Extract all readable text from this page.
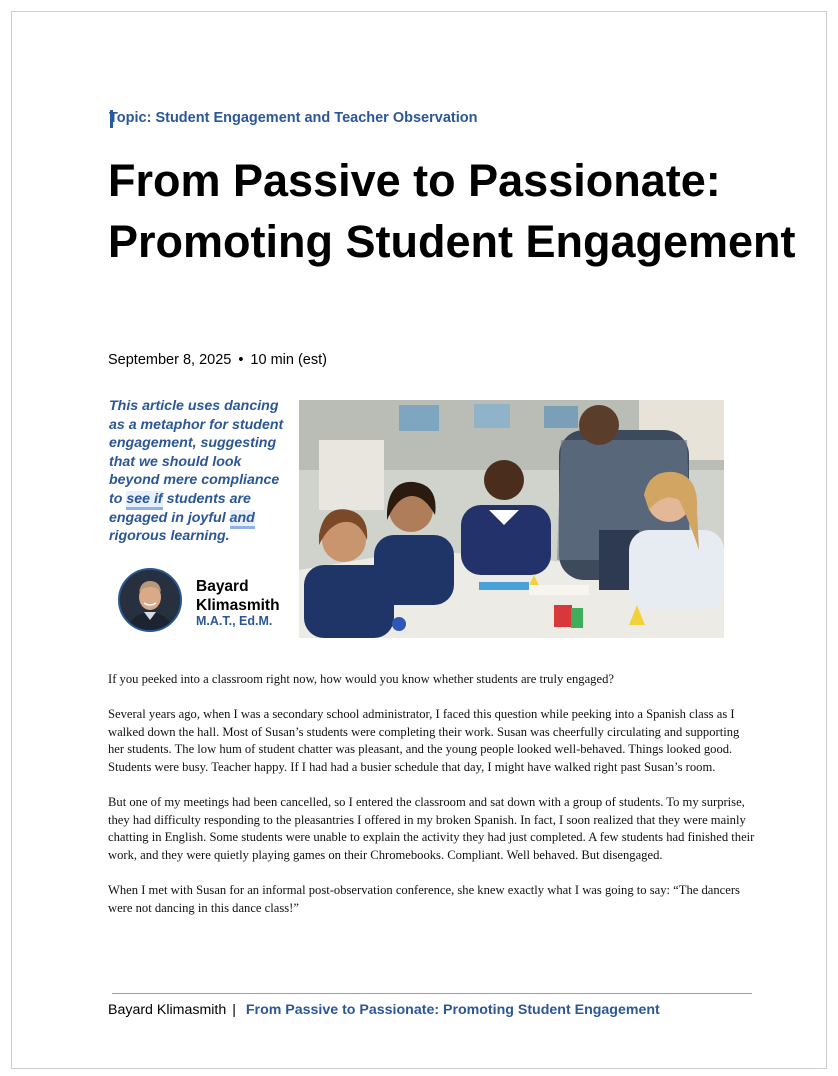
Topic: Student Engagement and Teacher Observation
From Passive to Passionate: Promoting Student Engagement
September 8, 2025 • 10 min (est)
This article uses dancing as a metaphor for student engagement, suggesting that we should look beyond mere compliance to see if students are engaged in joyful and rigorous learning.
Bayard Klimasmith
M.A.T., Ed.M.

If you peeked into a classroom right now, how would you know whether students are truly engaged?

Several years ago, when I was a secondary school administrator, I faced this question while peeking into a Spanish class as I walked down the hall. Most of Susan’s students were completing their work. Susan was cheerfully circulating and supporting her students. The low hum of student chatter was pleasant, and the young people looked well-behaved. Things looked good. Students were busy. Teacher happy. If I had had a busier schedule that day, I might have walked right past Susan’s room.

But one of my meetings had been cancelled, so I entered the classroom and sat down with a group of students. To my surprise, they had difficulty responding to the pleasantries I offered in my broken Spanish. In fact, I soon realized that they were mainly chatting in English. Some students were unable to explain the activity they had just completed. A few students had finished their work, and they were quietly playing games on their Chromebooks. Compliant. Well behaved. But disengaged.

When I met with Susan for an informal post-observation conference, she knew exactly what I was going to say: “The dancers were not dancing in this dance class!”

Bayard Klimasmith | From Passive to Passionate: Promoting Student Engagement
